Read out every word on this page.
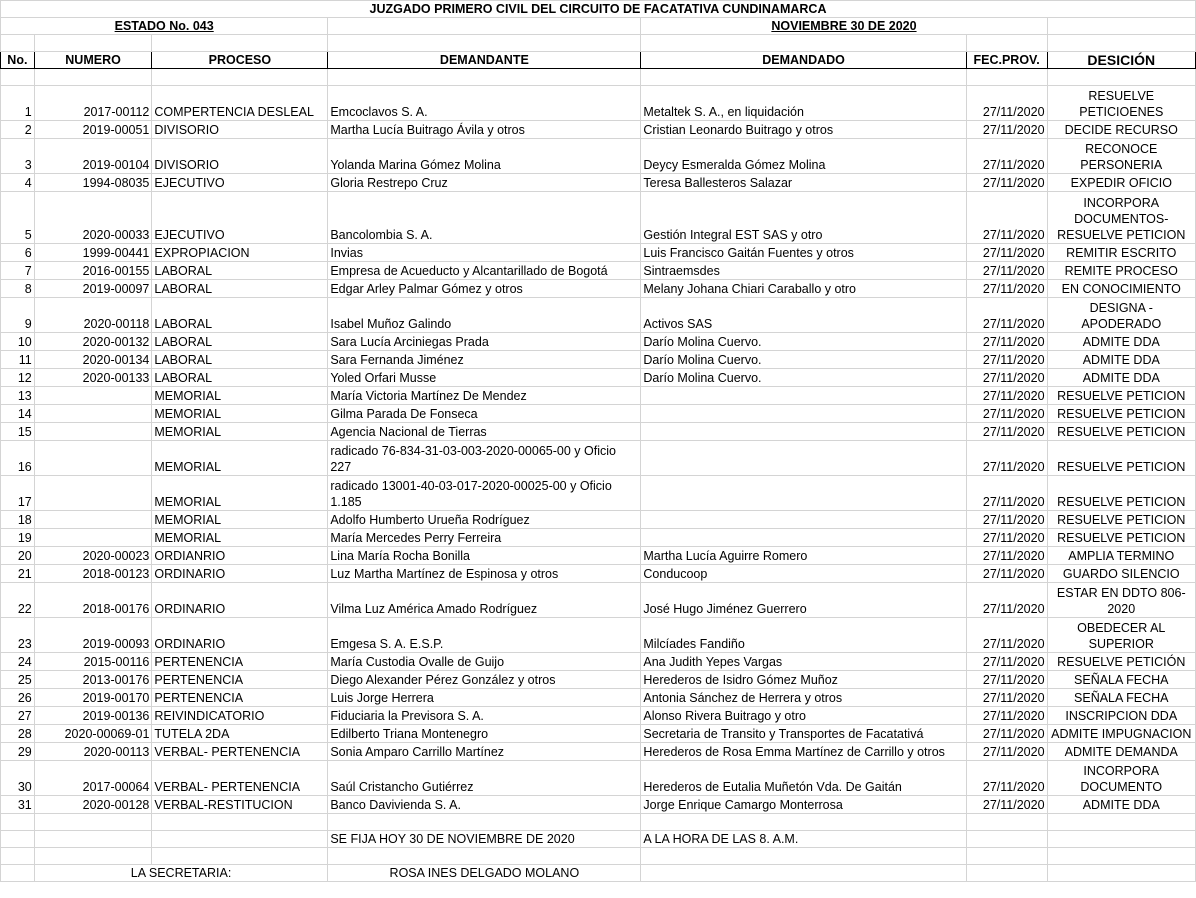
JUZGADO PRIMERO CIVIL DEL CIRCUITO DE FACATATIVA CUNDINAMARCA						
ESTADO No. 043				NOVIEMBRE 30 DE 2020		

No.	NUMERO	PROCESO	DEMANDANTE	DEMANDADO	FEC.PROV.	DESICIÓN

1	2017-00112	COMPERTENCIA DESLEAL	Emcoclavos S. A.	Metaltek S. A., en liquidación	27/11/2020	RESUELVE PETICIOENES
2	2019-00051	DIVISORIO	Martha Lucía Buitrago Ávila y otros	Cristian Leonardo Buitrago y otros	27/11/2020	DECIDE RECURSO
3	2019-00104	DIVISORIO	Yolanda Marina Gómez Molina	Deycy Esmeralda Gómez Molina	27/11/2020	RECONOCE PERSONERIA
4	1994-08035	EJECUTIVO	Gloria Restrepo Cruz	Teresa Ballesteros Salazar	27/11/2020	EXPEDIR OFICIO
5	2020-00033	EJECUTIVO	Bancolombia S. A.	Gestión Integral EST SAS y otro	27/11/2020	INCORPORA DOCUMENTOS- RESUELVE PETICION
6	1999-00441	EXPROPIACION	Invias	Luis Francisco Gaitán Fuentes y otros	27/11/2020	REMITIR ESCRITO
7	2016-00155	LABORAL	Empresa de Acueducto y Alcantarillado de Bogotá	Sintraemsdes	27/11/2020	REMITE PROCESO
8	2019-00097	LABORAL	Edgar Arley Palmar Gómez y otros	Melany Johana Chiari Caraballo y otro	27/11/2020	EN CONOCIMIENTO
9	2020-00118	LABORAL	Isabel Muñoz Galindo	Activos SAS	27/11/2020	DESIGNA - APODERADO
10	2020-00132	LABORAL	Sara Lucía Arciniegas Prada	Darío Molina Cuervo.	27/11/2020	ADMITE DDA
11	2020-00134	LABORAL	Sara Fernanda Jiménez	Darío Molina Cuervo.	27/11/2020	ADMITE DDA
12	2020-00133	LABORAL	Yoled Orfari Musse	Darío Molina Cuervo.	27/11/2020	ADMITE DDA
13		MEMORIAL	María Victoria Martínez De Mendez		27/11/2020	RESUELVE PETICION
14		MEMORIAL	Gilma Parada De Fonseca		27/11/2020	RESUELVE PETICION
15		MEMORIAL	Agencia Nacional de Tierras		27/11/2020	RESUELVE PETICION
16		MEMORIAL	radicado 76-834-31-03-003-2020-00065-00 y Oficio 227		27/11/2020	RESUELVE PETICION
17		MEMORIAL	radicado 13001-40-03-017-2020-00025-00 y Oficio 1.185		27/11/2020	RESUELVE PETICION
18		MEMORIAL	Adolfo Humberto Urueña Rodríguez		27/11/2020	RESUELVE PETICION
19		MEMORIAL	María Mercedes Perry Ferreira		27/11/2020	RESUELVE PETICION
20	2020-00023	ORDIANRIO	Lina María Rocha Bonilla	Martha Lucía Aguirre Romero	27/11/2020	AMPLIA TERMINO
21	2018-00123	ORDINARIO	Luz Martha Martínez de Espinosa y otros	Conducoop	27/11/2020	GUARDO SILENCIO
22	2018-00176	ORDINARIO	Vilma Luz América Amado Rodríguez	José Hugo Jiménez Guerrero	27/11/2020	ESTAR EN DDTO 806-2020
23	2019-00093	ORDINARIO	Emgesa S. A. E.S.P.	Milcíades Fandiño	27/11/2020	OBEDECER AL SUPERIOR
24	2015-00116	PERTENENCIA	María Custodia Ovalle de Guijo	Ana Judith Yepes Vargas	27/11/2020	RESUELVE PETICIÓN
25	2013-00176	PERTENENCIA	Diego Alexander Pérez González y otros	Herederos de Isidro Gómez Muñoz	27/11/2020	SEÑALA FECHA
26	2019-00170	PERTENENCIA	Luis Jorge Herrera	Antonia Sánchez de Herrera y otros	27/11/2020	SEÑALA FECHA
27	2019-00136	REIVINDICATORIO	Fiduciaria la Previsora S. A.	Alonso Rivera Buitrago y otro	27/11/2020	INSCRIPCION DDA
28	2020-00069-01	TUTELA 2DA	Edilberto Triana Montenegro	Secretaria de Transito y Transportes de Facatativá	27/11/2020	ADMITE IMPUGNACION
29	2020-00113	VERBAL- PERTENENCIA	Sonia Amparo Carrillo Martínez	Herederos de Rosa Emma Martínez de Carrillo y otros	27/11/2020	ADMITE DEMANDA
30	2017-00064	VERBAL- PERTENENCIA	Saúl Cristancho Gutiérrez	Herederos de Eutalia Muñetón Vda. De Gaitán	27/11/2020	INCORPORA DOCUMENTO
31	2020-00128	VERBAL-RESTITUCION	Banco Davivienda S. A.	Jorge Enrique Camargo Monterrosa	27/11/2020	ADMITE DDA

			SE FIJA HOY 30 DE NOVIEMBRE DE 2020	A LA HORA DE LAS 8. A.M.		

	LA SECRETARIA:		ROSA INES DELGADO MOLANO			
